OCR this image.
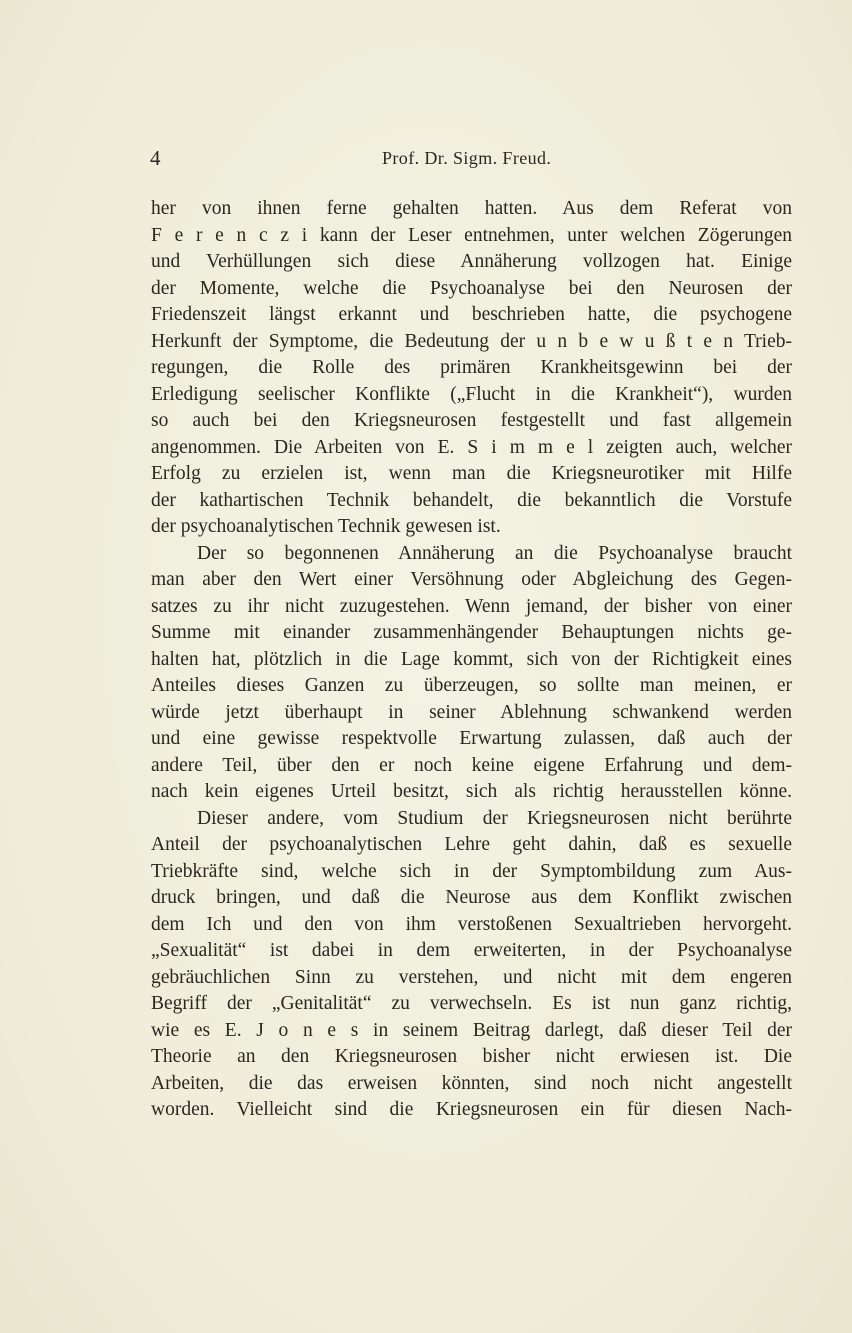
4	Prof. Dr. Sigm. Freud.
her von ihnen ferne gehalten hatten. Aus dem Referat von
F e r e n c z i kann der Leser entnehmen, unter welchen Zögerungen
und Verhüllungen sich diese Annäherung vollzogen hat. Einige
der Momente, welche die Psychoanalyse bei den Neurosen der
Friedenszeit längst erkannt und beschrieben hatte, die psychogene
Herkunft der Symptome, die Bedeutung der u n b e w u ß t e n Trieb-
regungen, die Rolle des primären Krankheitsgewinn bei der
Erledigung seelischer Konflikte („Flucht in die Krankheit“), wurden
so auch bei den Kriegsneurosen festgestellt und fast allgemein
angenommen. Die Arbeiten von E. S i m m e l zeigten auch, welcher
Erfolg zu erzielen ist, wenn man die Kriegsneurotiker mit Hilfe
der kathartischen Technik behandelt, die bekanntlich die Vorstufe
der psychoanalytischen Technik gewesen ist.
Der so begonnenen Annäherung an die Psychoanalyse braucht
man aber den Wert einer Versöhnung oder Abgleichung des Gegen-
satzes zu ihr nicht zuzugestehen. Wenn jemand, der bisher von einer
Summe mit einander zusammenhängender Behauptungen nichts ge-
halten hat, plötzlich in die Lage kommt, sich von der Richtigkeit eines
Anteiles dieses Ganzen zu überzeugen, so sollte man meinen, er
würde jetzt überhaupt in seiner Ablehnung schwankend werden
und eine gewisse respektvolle Erwartung zulassen, daß auch der
andere Teil, über den er noch keine eigene Erfahrung und dem-
nach kein eigenes Urteil besitzt, sich als richtig herausstellen könne.
Dieser andere, vom Studium der Kriegsneurosen nicht berührte
Anteil der psychoanalytischen Lehre geht dahin, daß es sexuelle
Triebkräfte sind, welche sich in der Symptombildung zum Aus-
druck bringen, und daß die Neurose aus dem Konflikt zwischen
dem Ich und den von ihm verstoßenen Sexualtrieben hervorgeht.
„Sexualität“ ist dabei in dem erweiterten, in der Psychoanalyse
gebräuchlichen Sinn zu verstehen, und nicht mit dem engeren
Begriff der „Genitalität“ zu verwechseln. Es ist nun ganz richtig,
wie es E. J o n e s in seinem Beitrag darlegt, daß dieser Teil der
Theorie an den Kriegsneurosen bisher nicht erwiesen ist. Die
Arbeiten, die das erweisen könnten, sind noch nicht angestellt
worden. Vielleicht sind die Kriegsneurosen ein für diesen Nach-
